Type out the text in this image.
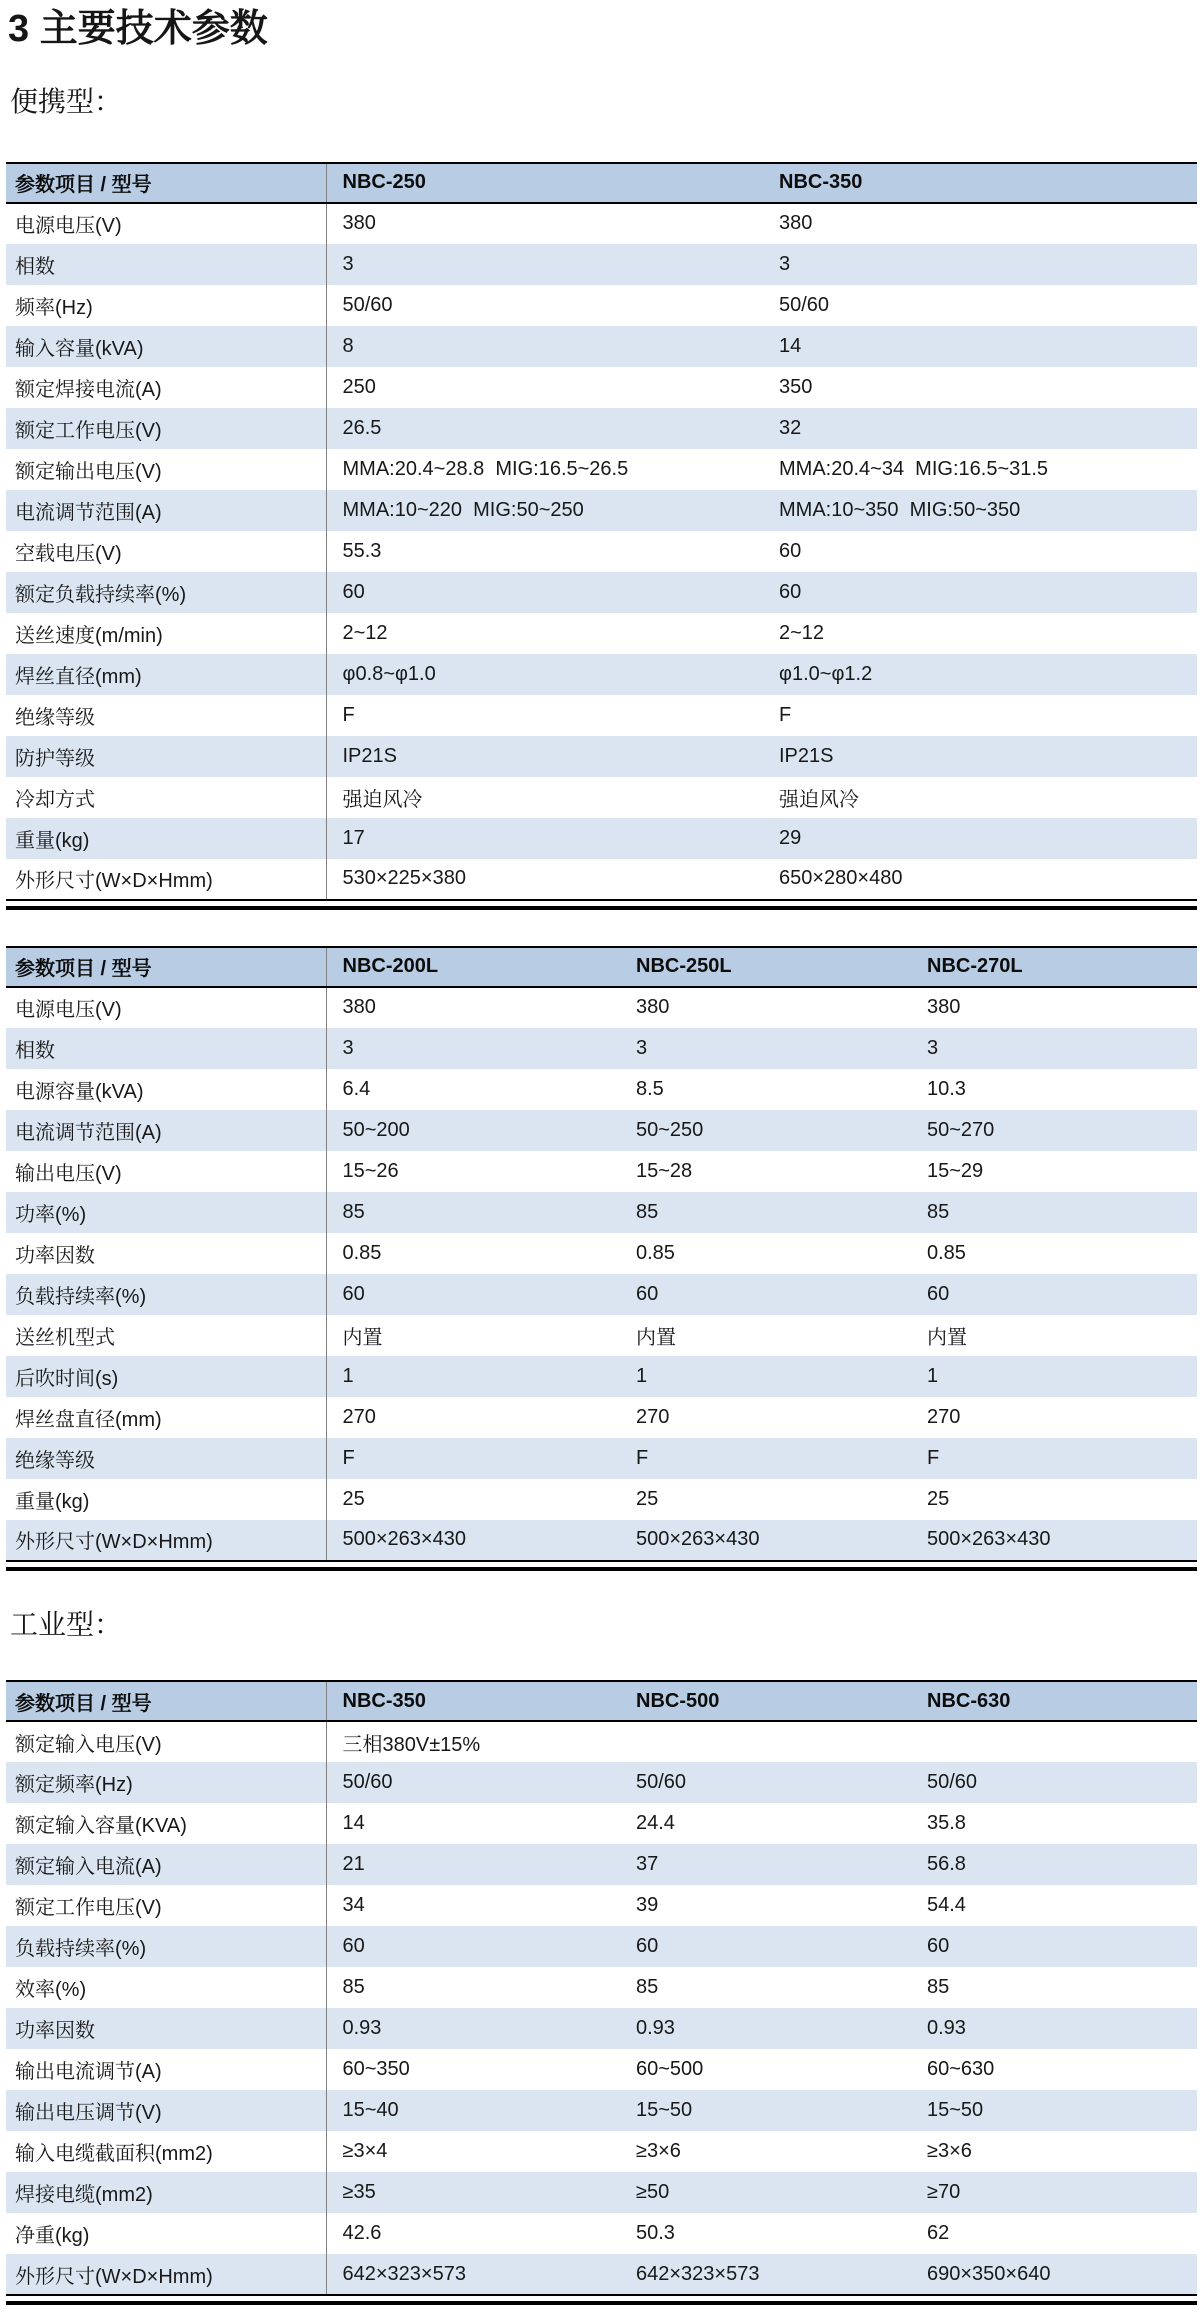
3 主要技术参数
便携型：
参数项目 / 型号	NBC-250	NBC-350
电源电压(V)	380	380
相数	3	3
频率(Hz)	50/60	50/60
输入容量(kVA)	8	14
额定焊接电流(A)	250	350
额定工作电压(V)	26.5	32
额定输出电压(V)	MMA:20.4~28.8  MIG:16.5~26.5	MMA:20.4~34  MIG:16.5~31.5
电流调节范围(A)	MMA:10~220  MIG:50~250	MMA:10~350  MIG:50~350
空载电压(V)	55.3	60
额定负载持续率(%)	60	60
送丝速度(m/min)	2~12	2~12
焊丝直径(mm)	φ0.8~φ1.0	φ1.0~φ1.2
绝缘等级	F	F
防护等级	IP21S	IP21S
冷却方式	强迫风冷	强迫风冷
重量(kg)	17	29
外形尺寸(W×D×Hmm)	530×225×380	650×280×480
参数项目 / 型号	NBC-200L	NBC-250L	NBC-270L
电源电压(V)	380	380	380
相数	3	3	3
电源容量(kVA)	6.4	8.5	10.3
电流调节范围(A)	50~200	50~250	50~270
输出电压(V)	15~26	15~28	15~29
功率(%)	85	85	85
功率因数	0.85	0.85	0.85
负载持续率(%)	60	60	60
送丝机型式	内置	内置	内置
后吹时间(s)	1	1	1
焊丝盘直径(mm)	270	270	270
绝缘等级	F	F	F
重量(kg)	25	25	25
外形尺寸(W×D×Hmm)	500×263×430	500×263×430	500×263×430
工业型：
参数项目 / 型号	NBC-350	NBC-500	NBC-630
额定输入电压(V)	三相380V±15%		
额定频率(Hz)	50/60	50/60	50/60
额定输入容量(KVA)	14	24.4	35.8
额定输入电流(A)	21	37	56.8
额定工作电压(V)	34	39	54.4
负载持续率(%)	60	60	60
效率(%)	85	85	85
功率因数	0.93	0.93	0.93
输出电流调节(A)	60~350	60~500	60~630
输出电压调节(V)	15~40	15~50	15~50
输入电缆截面积(mm2)	≥3×4	≥3×6	≥3×6
焊接电缆(mm2)	≥35	≥50	≥70
净重(kg)	42.6	50.3	62
外形尺寸(W×D×Hmm)	642×323×573	642×323×573	690×350×640
